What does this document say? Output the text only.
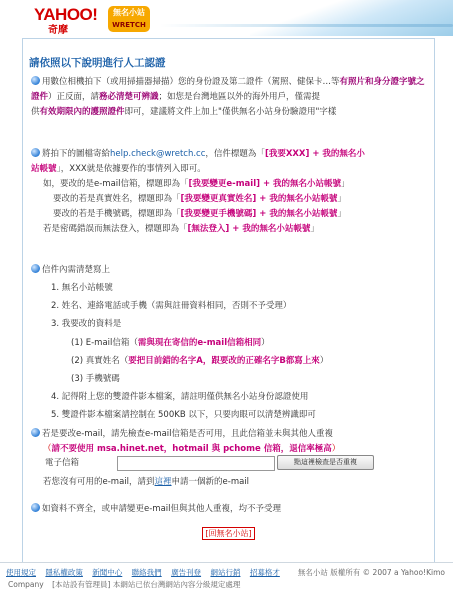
YAHOO!
奇摩
無名小站
WRETCH
請依照以下說明進行人工認證
用數位相機拍下（或用掃描器掃描）您的身份證及第二證件（駕照、健保卡…等有照片和身分證字號之證件）正反面，請務必清楚可辨識；如您是台灣地區以外的海外用戶，僅需提
供有效期限內的護照證件即可，建議將文件上加上"僅供無名小站身份驗證用"字樣
將拍下的圖檔寄給help.check@wretch.cc，信件標題為「[我要XXX] + 我的無名小
站帳號」，XXX就是依據要作的事情列入即可。
如，要改的是e-mail信箱，標題即為「[我要變更e-mail] + 我的無名小站帳號」
要改的若是真實姓名，標題即為「[我要變更真實姓名] + 我的無名小站帳號」
要改的若是手機號碼，標題即為「[我要變更手機號碼] + 我的無名小站帳號」
若是密碼錯誤而無法登入，標題即為「[無法登入] + 我的無名小站帳號」
信件內需清楚寫上
1. 無名小站帳號
2. 姓名、連絡電話或手機（需與註冊資料相同，否則不予受理）
3. 我要改的資料是
(1) E-mail信箱（需與現在寄信的e-mail信箱相同）
(2) 真實姓名（要把目前錯的名字A，跟要改的正確名字B都寫上來）
(3) 手機號碼
4. 記得附上您的雙證件影本檔案，請註明僅供無名小站身份認證使用
5. 雙證件影本檔案請控制在 500KB 以下，只要肉眼可以清楚辨識即可
若是要改e-mail，請先檢查e-mail信箱是否可用，且此信箱並未與其他人重複
（請不要使用 msa.hinet.net，hotmail 與 pchome 信箱，退信率極高）
電子信箱	點這裡檢查是否重複
若您沒有可用的e-mail，請到這裡申請一個新的e-mail
如資料不齊全，或申請變更e-mail但與其他人重複，均不予受理
[回無名小站]
使用規定 隱私權政策 新聞中心 聯絡我們 廣告刊登 網站行銷 招募格才	無名小站 版權所有 © 2007 a Yahoo!Kimo
Company [本站設有管理員] 本網站已依台灣網站內容分級規定處理
